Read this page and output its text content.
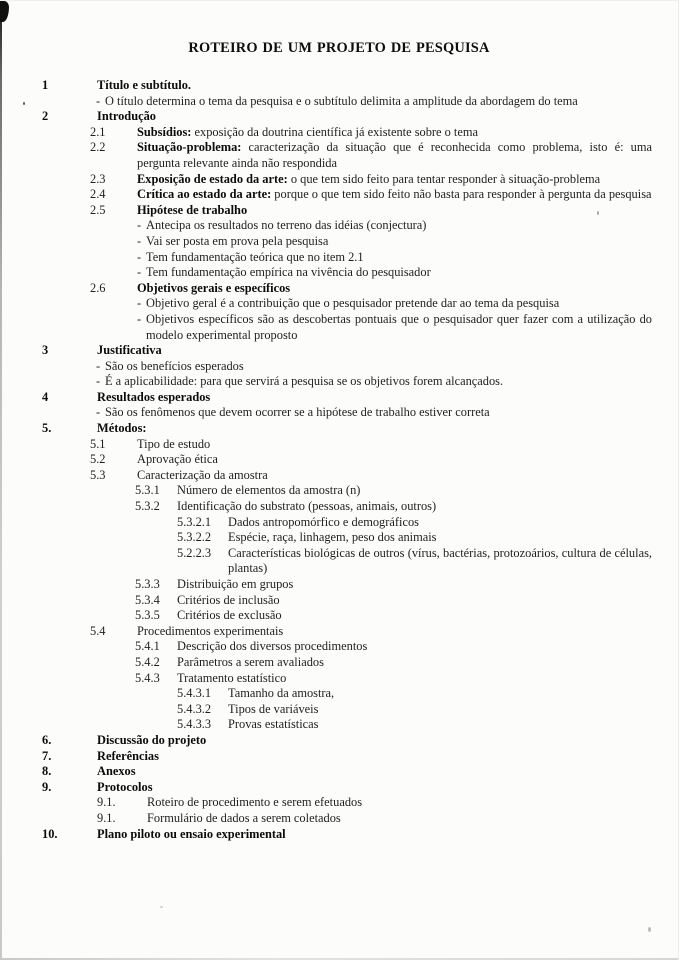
ROTEIRO DE UM PROJETO DE PESQUISA
1	Título e subtítulo.
- O título determina o tema da pesquisa e o subtítulo delimita a amplitude da abordagem do tema
2	Introdução
2.1	Subsídios: exposição da doutrina científica já existente sobre o tema
2.2	Situação-problema: caracterização da situação que é reconhecida como problema, isto é: uma pergunta relevante ainda não respondida
2.3	Exposição de estado da arte: o que tem sido feito para tentar responder à situação-problema
2.4	Crítica ao estado da arte: porque o que tem sido feito não basta para responder à pergunta da pesquisa
2.5	Hipótese de trabalho
- Antecipa os resultados no terreno das idéias (conjectura)
- Vai ser posta em prova pela pesquisa
- Tem fundamentação teórica que no item 2.1
- Tem fundamentação empírica na vivência do pesquisador
2.6	Objetivos gerais e específicos
- Objetivo geral é a contribuição que o pesquisador pretende dar ao tema da pesquisa
- Objetivos específicos são as descobertas pontuais que o pesquisador quer fazer com a utilização do modelo experimental proposto
3	Justificativa
- São os benefícios esperados
- É a aplicabilidade: para que servirá a pesquisa se os objetivos forem alcançados.
4	Resultados esperados
- São os fenômenos que devem ocorrer se a hipótese de trabalho estiver correta
5.	Métodos:
5.1	Tipo de estudo
5.2	Aprovação ética
5.3	Caracterização da amostra
5.3.1	Número de elementos da amostra (n)
5.3.2	Identificação do substrato (pessoas, animais, outros)
5.3.2.1	Dados antropomórfico e demográficos
5.3.2.2	Espécie, raça, linhagem, peso dos animais
5.2.2.3	Características biológicas de outros (vírus, bactérias, protozoários, cultura de células, plantas)
5.3.3	Distribuição em grupos
5.3.4	Critérios de inclusão
5.3.5	Critérios de exclusão
5.4	Procedimentos experimentais
5.4.1	Descrição dos diversos procedimentos
5.4.2	Parâmetros a serem avaliados
5.4.3	Tratamento estatístico
5.4.3.1	Tamanho da amostra,
5.4.3.2	Tipos de variáveis
5.4.3.3	Provas estatísticas
6.	Discussão do projeto
7.	Referências
8.	Anexos
9.	Protocolos
9.1.	Roteiro de procedimento e serem efetuados
9.1.	Formulário de dados a serem coletados
10.	Plano piloto ou ensaio experimental
